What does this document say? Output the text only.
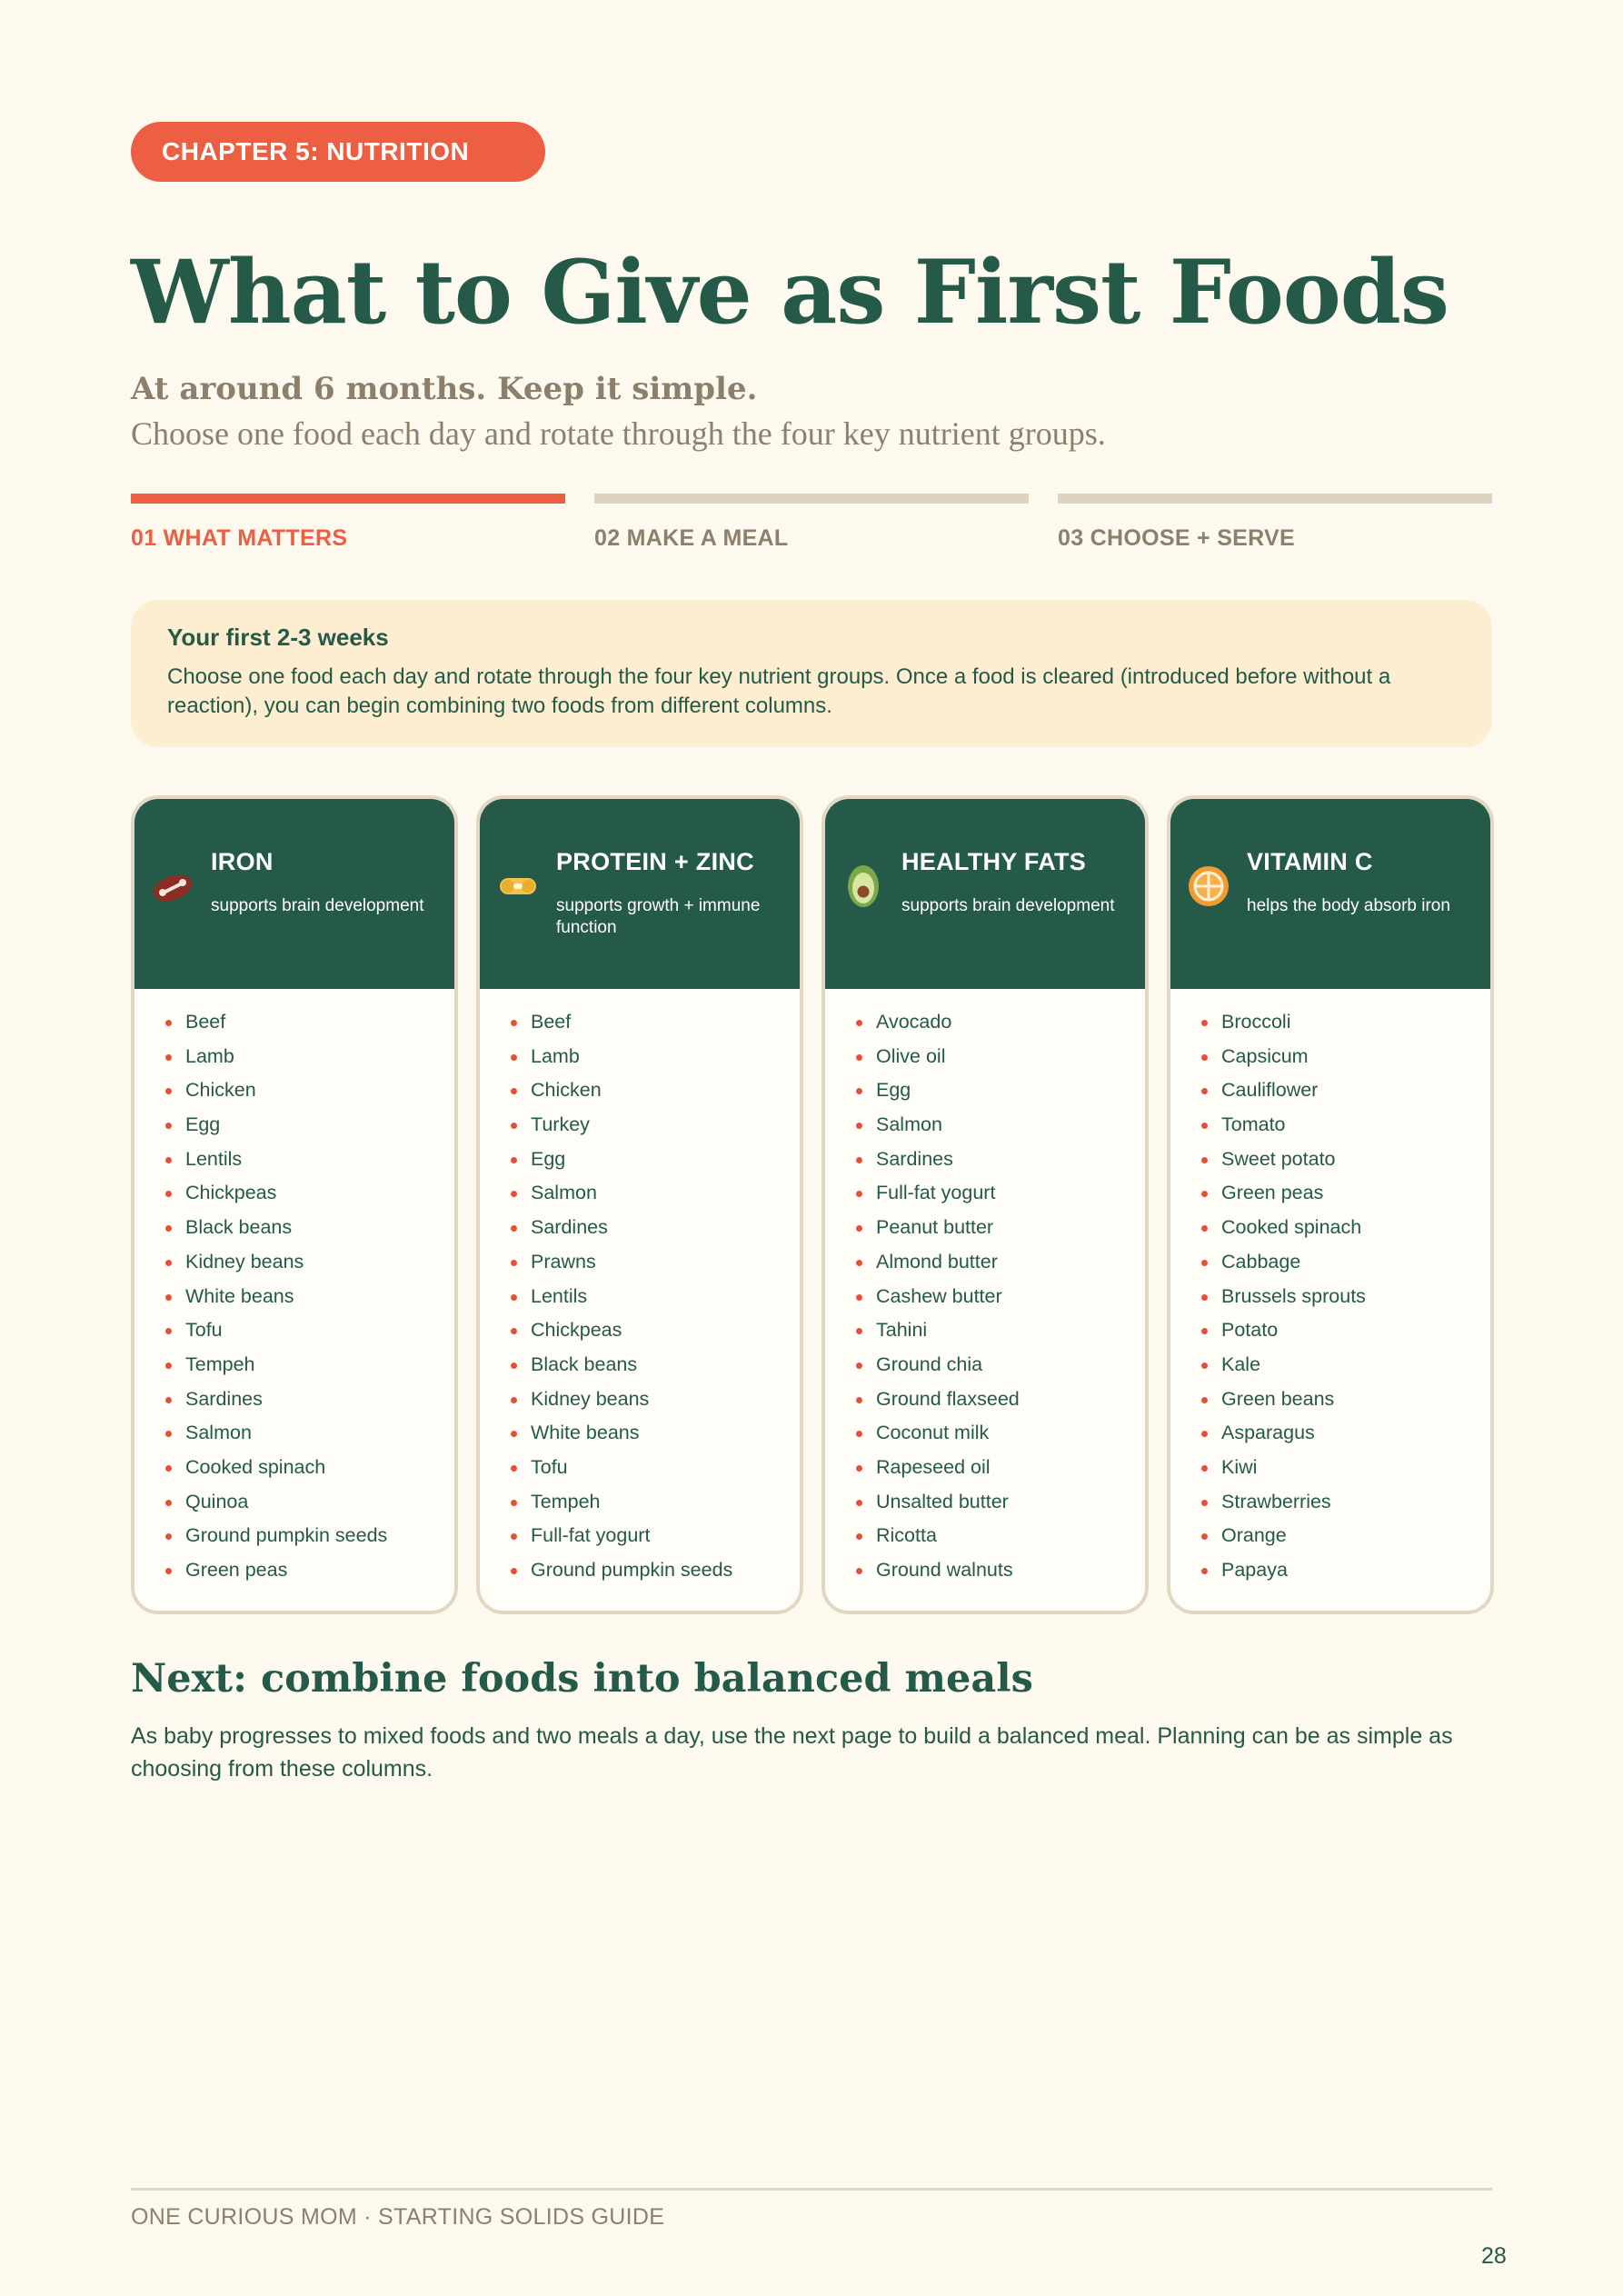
CHAPTER 5: NUTRITION
What to Give as First Foods

At around 6 months. Keep it simple.

Choose one food each day and rotate through the four key nutrient groups.

01 WHAT MATTERS	02 MAKE A MEAL	03 CHOOSE + SERVE

Your first 2-3 weeks

Choose one food each day and rotate through the four key nutrient groups. Once a food is cleared (introduced before without a reaction), you can begin combining two foods from different columns.

IRON

supports brain development

Beef
Lamb
Chicken
Egg
Lentils
Chickpeas
Black beans
Kidney beans
White beans
Tofu
Tempeh
Sardines
Salmon
Cooked spinach
Quinoa
Ground pumpkin seeds
Green peas

PROTEIN + ZINC

supports growth + immune function

Beef
Lamb
Chicken
Turkey
Egg
Salmon
Sardines
Prawns
Lentils
Chickpeas
Black beans
Kidney beans
White beans
Tofu
Tempeh
Full-fat yogurt
Ground pumpkin seeds

HEALTHY FATS

supports brain development

Avocado
Olive oil
Egg
Salmon
Sardines
Full-fat yogurt
Peanut butter
Almond butter
Cashew butter
Tahini
Ground chia
Ground flaxseed
Coconut milk
Rapeseed oil
Unsalted butter
Ricotta
Ground walnuts

VITAMIN C

helps the body absorb iron

Broccoli
Capsicum
Cauliflower
Tomato
Sweet potato
Green peas
Cooked spinach
Cabbage
Brussels sprouts
Potato
Kale
Green beans
Asparagus
Kiwi
Strawberries
Orange
Papaya
Next: combine foods into balanced meals

As baby progresses to mixed foods and two meals a day, use the next page to build a balanced meal. Planning can be as simple as choosing from these columns.

ONE CURIOUS MOM · STARTING SOLIDS GUIDE

28
